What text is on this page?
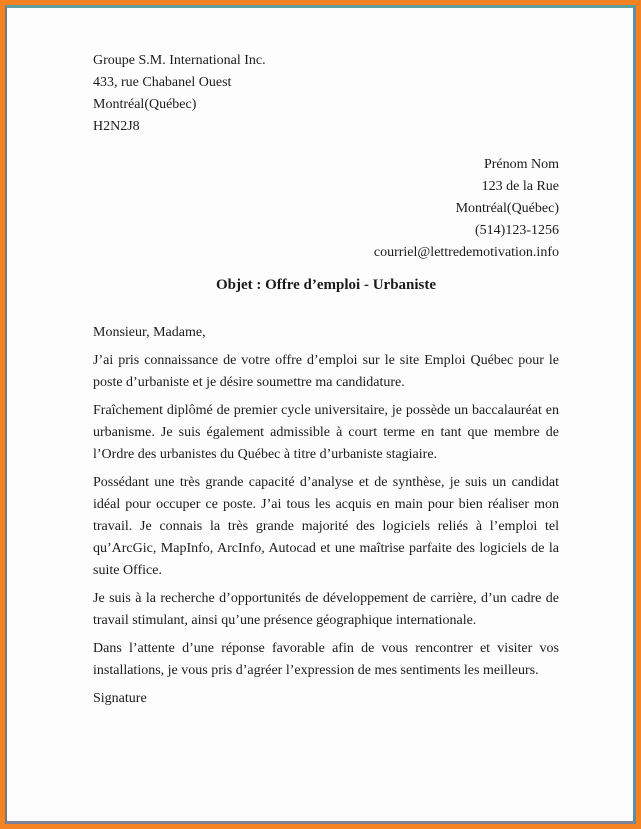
Groupe S.M. International Inc.
433, rue Chabanel Ouest
Montréal(Québec)
H2N2J8
Prénom Nom
123 de la Rue
Montréal(Québec)
(514)123-1256
courriel@lettredemotivation.info
Objet : Offre d’emploi - Urbaniste
Monsieur, Madame,

J’ai pris connaissance de votre offre d’emploi sur le site Emploi Québec pour le poste d’urbaniste et je désire soumettre ma candidature.

Fraîchement diplômé de premier cycle universitaire, je possède un baccalauréat en urbanisme. Je suis également admissible à court terme en tant que membre de l’Ordre des urbanistes du Québec à titre d’urbaniste stagiaire.

Possédant une très grande capacité d’analyse et de synthèse, je suis un candidat idéal pour occuper ce poste. J’ai tous les acquis en main pour bien réaliser mon travail. Je connais la très grande majorité des logiciels reliés à l’emploi tel qu’ArcGic, MapInfo, ArcInfo, Autocad et une maîtrise parfaite des logiciels de la suite Office.

Je suis à la recherche d’opportunités de développement de carrière, d’un cadre de travail stimulant, ainsi qu’une présence géographique internationale.

Dans l’attente d’une réponse favorable afin de vous rencontrer et visiter vos installations, je vous pris d’agréer l’expression de mes sentiments les meilleurs.

Signature
